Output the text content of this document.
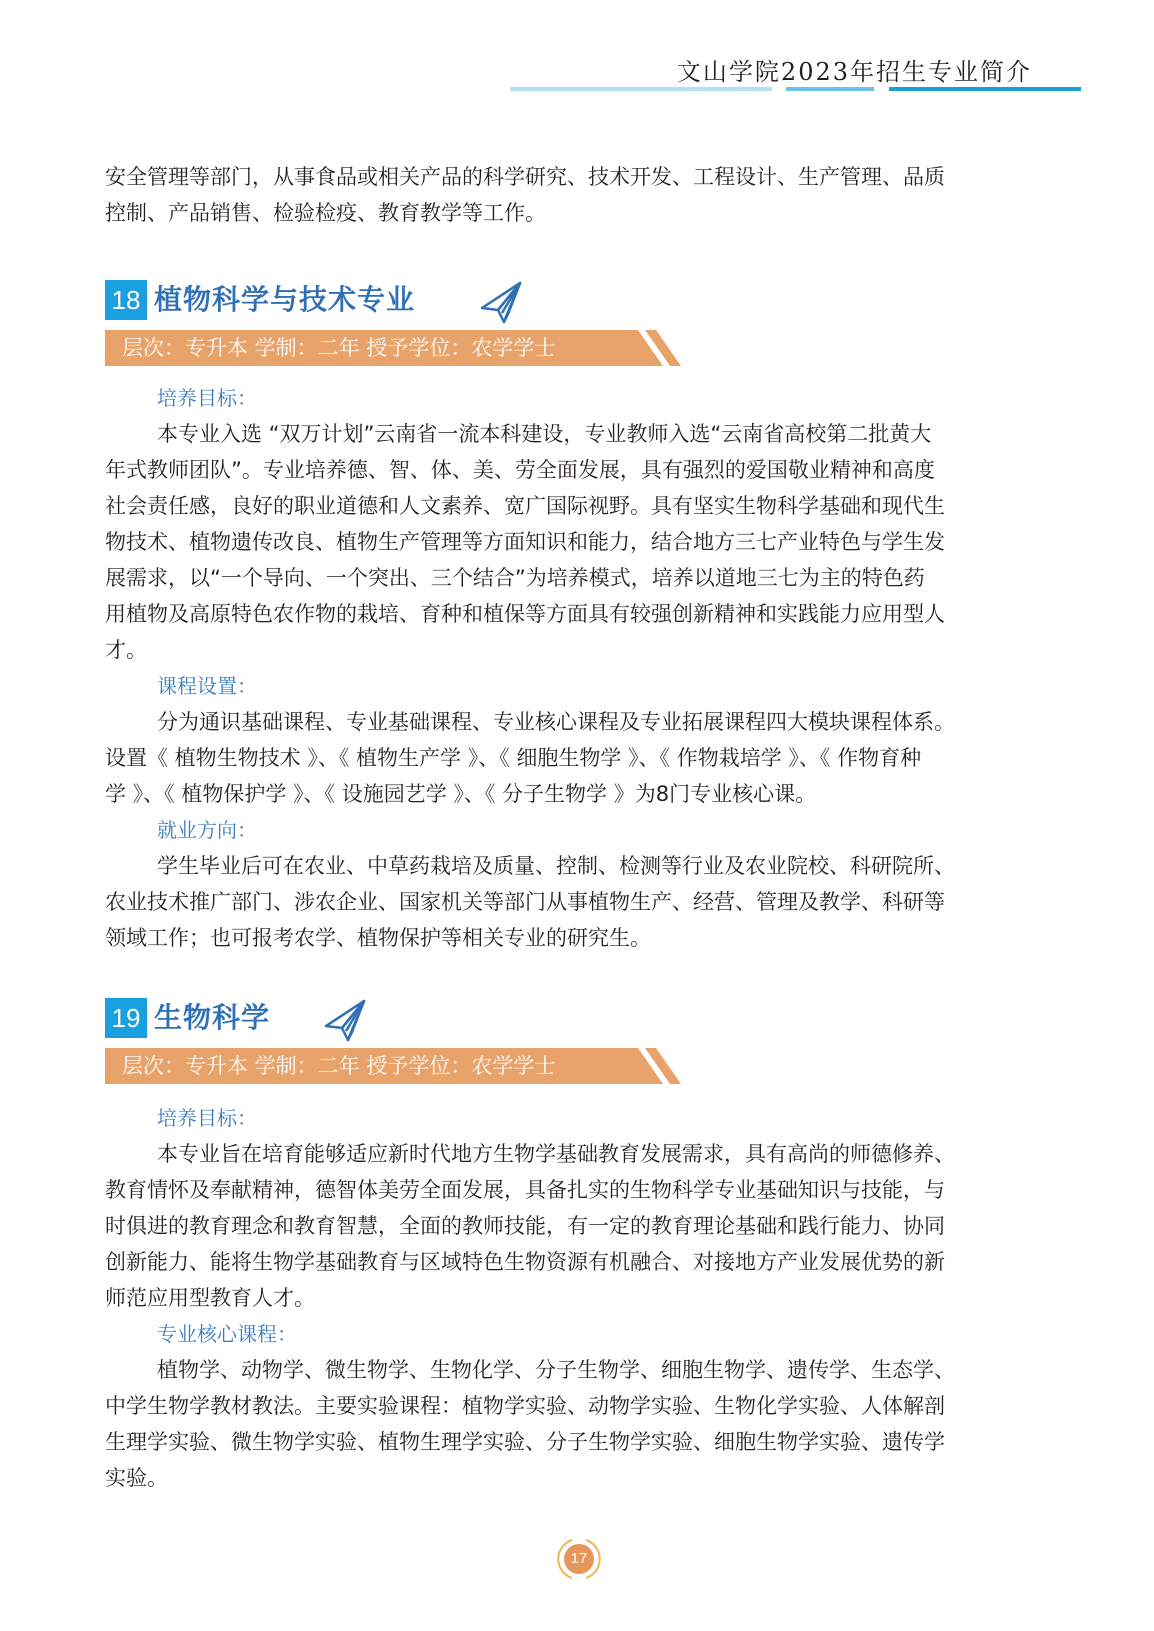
文山学院2023年招生专业简介
安全管理等部门，从事食品或相关产品的科学研究、技术开发、工程设计、生产管理、品质
控制、产品销售、检验检疫、教育教学等工作。
18 植物科学与技术专业
层次：专升本 学制：二年 授予学位：农学学士
培养目标：
本专业入选 “双万计划”云南省一流本科建设，专业教师入选“云南省高校第二批黄大
年式教师团队”。专业培养德、智、体、美、劳全面发展，具有强烈的爱国敬业精神和高度
社会责任感，良好的职业道德和人文素养、宽广国际视野。具有坚实生物科学基础和现代生
物技术、植物遗传改良、植物生产管理等方面知识和能力，结合地方三七产业特色与学生发
展需求，以“一个导向、一个突出、三个结合”为培养模式，培养以道地三七为主的特色药
用植物及高原特色农作物的栽培、育种和植保等方面具有较强创新精神和实践能力应用型人
才。
课程设置：
分为通识基础课程、专业基础课程、专业核心课程及专业拓展课程四大模块课程体系。
设置《 植物生物技术 》、《 植物生产学 》、《 细胞生物学 》、《 作物栽培学 》、《 作物育种
学 》、《 植物保护学 》、《 设施园艺学 》、《 分子生物学 》为8门专业核心课。
就业方向：
学生毕业后可在农业、中草药栽培及质量、控制、检测等行业及农业院校、科研院所、
农业技术推广部门、涉农企业、国家机关等部门从事植物生产、经营、管理及教学、科研等
领域工作；也可报考农学、植物保护等相关专业的研究生。
19 生物科学
层次：专升本 学制：二年 授予学位：农学学士
培养目标：
本专业旨在培育能够适应新时代地方生物学基础教育发展需求，具有高尚的师德修养、
教育情怀及奉献精神，德智体美劳全面发展，具备扎实的生物科学专业基础知识与技能，与
时俱进的教育理念和教育智慧，全面的教师技能，有一定的教育理论基础和践行能力、协同
创新能力、能将生物学基础教育与区域特色生物资源有机融合、对接地方产业发展优势的新
师范应用型教育人才。
专业核心课程：
植物学、动物学、微生物学、生物化学、分子生物学、细胞生物学、遗传学、生态学、
中学生物学教材教法。主要实验课程：植物学实验、动物学实验、生物化学实验、人体解剖
生理学实验、微生物学实验、植物生理学实验、分子生物学实验、细胞生物学实验、遗传学
实验。
17
